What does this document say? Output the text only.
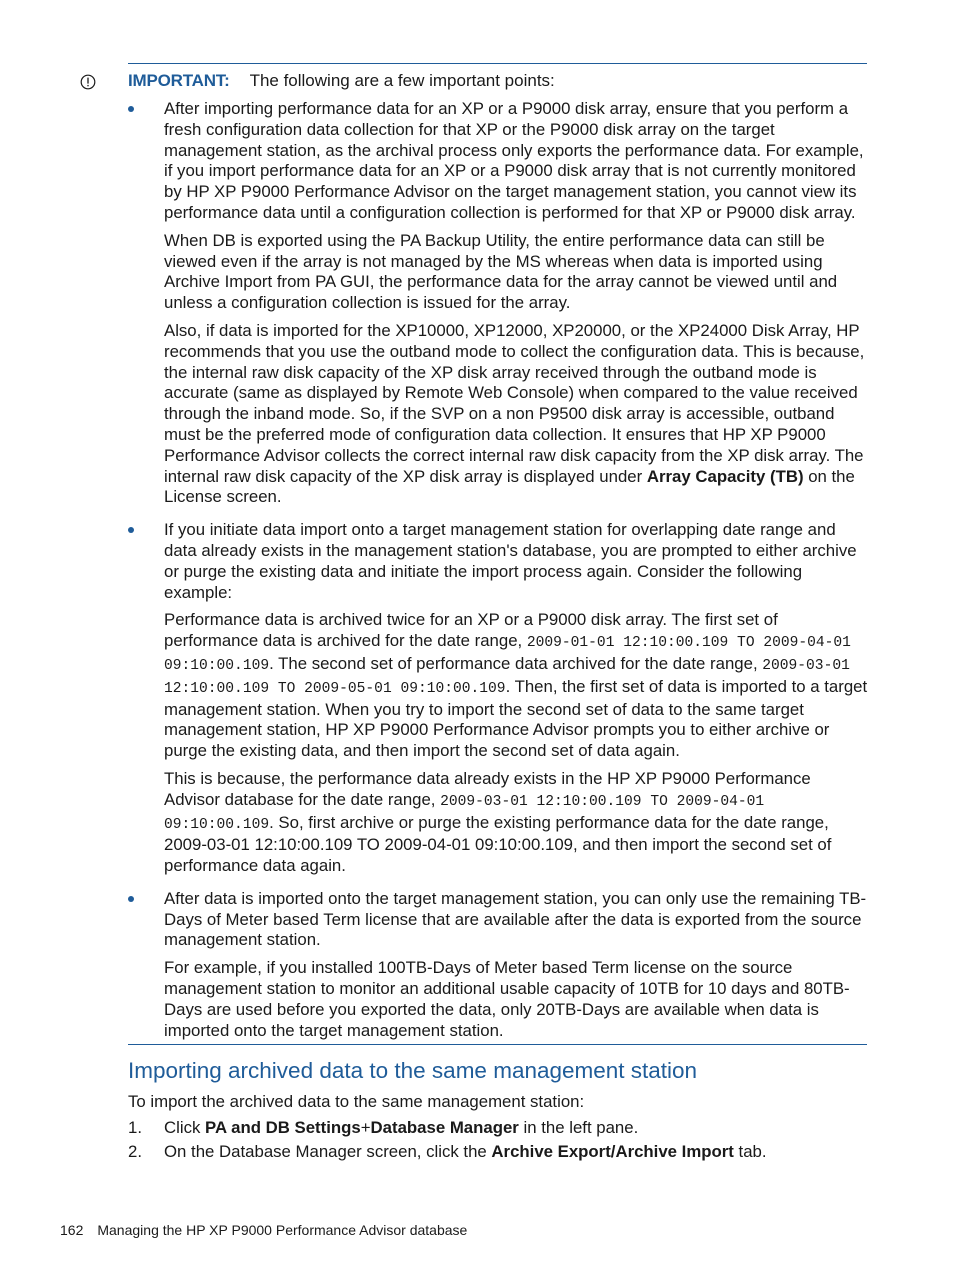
IMPORTANT: The following are a few important points:

After importing performance data for an XP or a P9000 disk array, ensure that you perform a fresh configuration data collection for that XP or the P9000 disk array on the target management station, as the archival process only exports the performance data. For example, if you import performance data for an XP or a P9000 disk array that is not currently monitored by HP XP P9000 Performance Advisor on the target management station, you cannot view its performance data until a configuration collection is performed for that XP or P9000 disk array.

When DB is exported using the PA Backup Utility, the entire performance data can still be viewed even if the array is not managed by the MS whereas when data is imported using Archive Import from PA GUI, the performance data for the array cannot be viewed until and unless a configuration collection is issued for the array.

Also, if data is imported for the XP10000, XP12000, XP20000, or the XP24000 Disk Array, HP recommends that you use the outband mode to collect the configuration data. This is because, the internal raw disk capacity of the XP disk array received through the outband mode is accurate (same as displayed by Remote Web Console) when compared to the value received through the inband mode. So, if the SVP on a non P9500 disk array is accessible, outband must be the preferred mode of configuration data collection. It ensures that HP XP P9000 Performance Advisor collects the correct internal raw disk capacity from the XP disk array. The internal raw disk capacity of the XP disk array is displayed under Array Capacity (TB) on the License screen.

If you initiate data import onto a target management station for overlapping date range and data already exists in the management station's database, you are prompted to either archive or purge the existing data and initiate the import process again. Consider the following example:

Performance data is archived twice for an XP or a P9000 disk array. The first set of performance data is archived for the date range, 2009-01-01 12:10:00.109 TO 2009-04-01 09:10:00.109. The second set of performance data archived for the date range, 2009-03-01 12:10:00.109 TO 2009-05-01 09:10:00.109. Then, the first set of data is imported to a target management station. When you try to import the second set of data to the same target management station, HP XP P9000 Performance Advisor prompts you to either archive or purge the existing data, and then import the second set of data again.

This is because, the performance data already exists in the HP XP P9000 Performance Advisor database for the date range, 2009-03-01 12:10:00.109 TO 2009-04-01 09:10:00.109. So, first archive or purge the existing performance data for the date range, 2009-03-01 12:10:00.109 TO 2009-04-01 09:10:00.109, and then import the second set of performance data again.

After data is imported onto the target management station, you can only use the remaining TB-Days of Meter based Term license that are available after the data is exported from the source management station.

For example, if you installed 100TB-Days of Meter based Term license on the source management station to monitor an additional usable capacity of 10TB for 10 days and 80TB-Days are used before you exported the data, only 20TB-Days are available when data is imported onto the target management station.

Importing archived data to the same management station
To import the archived data to the same management station:
1. Click PA and DB Settings+Database Manager in the left pane.
2. On the Database Manager screen, click the Archive Export/Archive Import tab.
162 Managing the HP XP P9000 Performance Advisor database
